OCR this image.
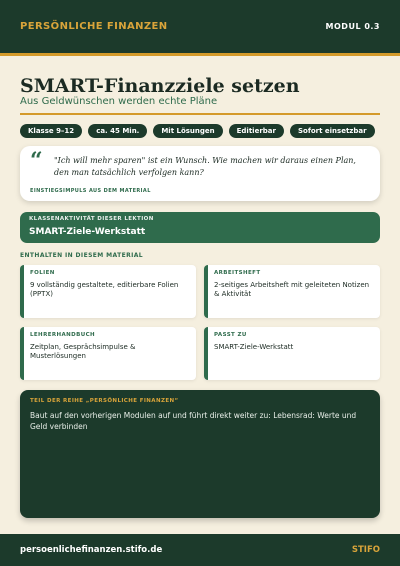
PERSÖNLICHE FINANZEN	MODUL 0.3
SMART-Finanzziele setzen
Aus Geldwünschen werden echte Pläne
Klasse 9–12	ca. 45 Min.	Mit Lösungen	Editierbar	Sofort einsetzbar
“ "Ich will mehr sparen" ist ein Wunsch. Wie machen wir daraus einen Plan, den man tatsächlich verfolgen kann?

EINSTIEGSIMPULS AUS DEM MATERIAL
KLASSENAKTIVITÄT DIESER LEKTION
SMART-Ziele-Werkstatt
ENTHALTEN IN DIESEM MATERIAL
FOLIEN
9 vollständig gestaltete, editierbare Folien (PPTX)
ARBEITSHEFT
2-seitiges Arbeitsheft mit geleiteten Notizen & Aktivität
LEHRERHANDBUCH
Zeitplan, Gesprächsimpulse & Musterlösungen
PASST ZU
SMART-Ziele-Werkstatt
TEIL DER REIHE „PERSÖNLICHE FINANZEN“

Baut auf den vorherigen Modulen auf und führt direkt weiter zu: Lebensrad: Werte und Geld verbinden

persoenlichefinanzen.stifo.de	STIFO
